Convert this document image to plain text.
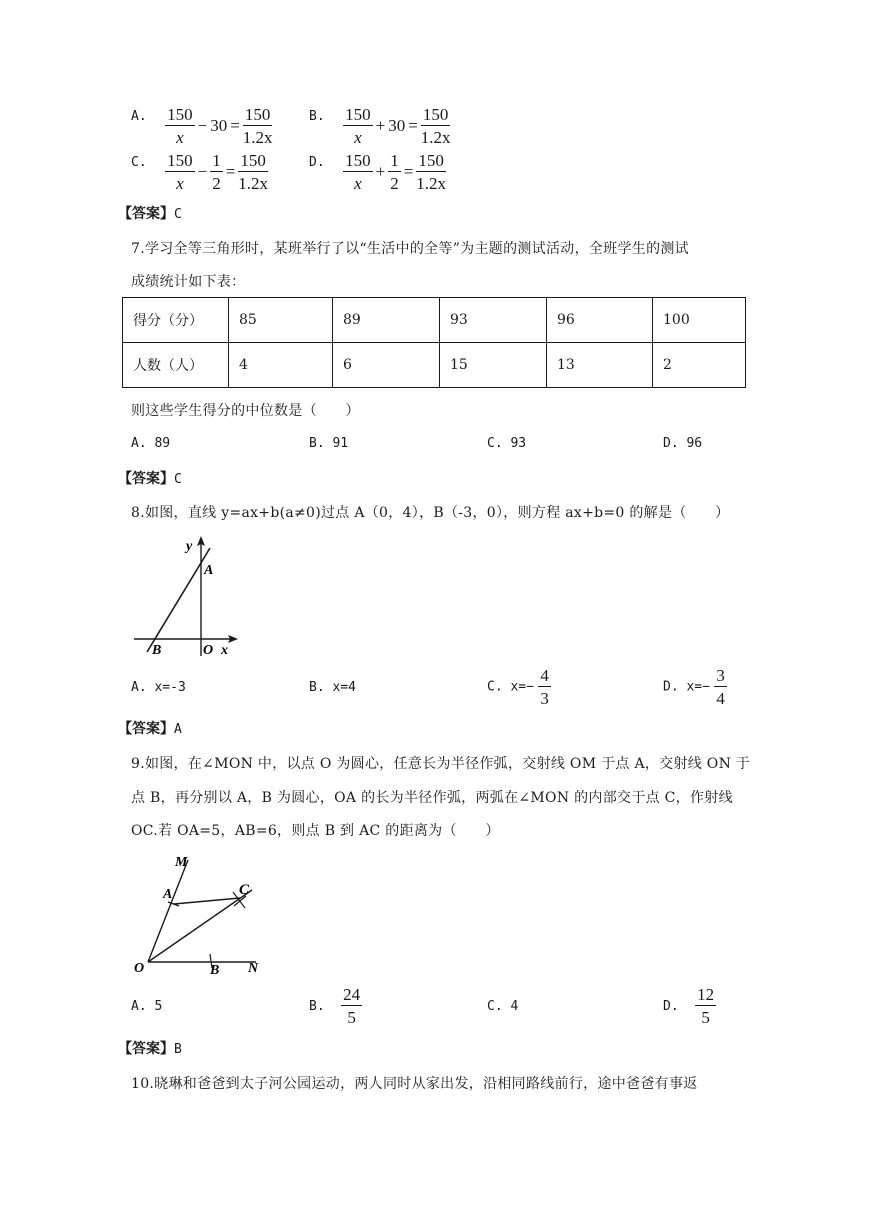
A. $\frac{150}{x} - 30 = \frac{150}{1.2x}$	B. $\frac{150}{x} + 30 = \frac{150}{1.2x}$
C. $\frac{150}{x} - \frac{1}{2} = \frac{150}{1.2x}$	D. $\frac{150}{x} + \frac{1}{2} = \frac{150}{1.2x}$
【答案】C
7.学习全等三角形时，某班举行了以“生活中的全等”为主题的测试活动，全班学生的测试
成绩统计如下表：
得分（分）	85	89	93	96	100
人数（人）	4	6	15	13	2
则这些学生得分的中位数是（　　）
A. 89	B. 91	C. 93	D. 96
【答案】C
8.如图，直线 y=ax+b(a≠0)过点 A（0，4），B（-3，0），则方程 ax+b=0 的解是（　　）
y
A
B	O x
A. x=-3	B. x=4	C. $x=- \frac{4}{3}$	D. $x=- \frac{3}{4}$
【答案】A
9.如图，在∠MON 中，以点 O 为圆心，任意长为半径作弧，交射线 OM 于点 A，交射线 ON 于
点 B，再分别以 A，B 为圆心，OA 的长为半径作弧，两弧在∠MON 的内部交于点 C，作射线
OC.若 OA=5，AB=6，则点 B 到 AC 的距离为（　　）
M
A	C
O	B N
A. 5	B. $\frac{24}{5}$	C. 4	D. $\frac{12}{5}$
【答案】B
10.晓琳和爸爸到太子河公园运动，两人同时从家出发，沿相同路线前行，途中爸爸有事返
